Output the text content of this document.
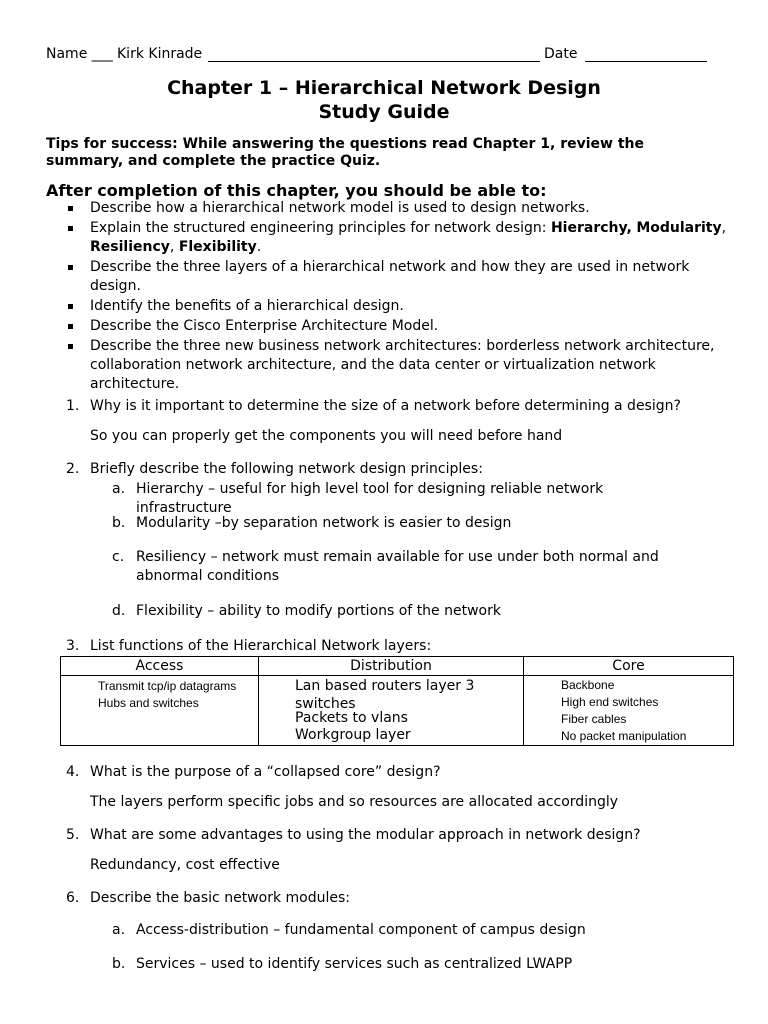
Name ___ Kirk Kinrade	Date
Chapter 1 – Hierarchical Network Design
Study Guide
Tips for success: While answering the questions read Chapter 1, review the summary, and complete the practice Quiz.
After completion of this chapter, you should be able to:
Describe how a hierarchical network model is used to design networks.
Explain the structured engineering principles for network design: Hierarchy, Modularity, Resiliency, Flexibility.
Describe the three layers of a hierarchical network and how they are used in network design.
Identify the benefits of a hierarchical design.
Describe the Cisco Enterprise Architecture Model.
Describe the three new business network architectures: borderless network architecture, collaboration network architecture, and the data center or virtualization network architecture.
1. Why is it important to determine the size of a network before determining a design?
So you can properly get the components you will need before hand
2. Briefly describe the following network design principles:
a. Hierarchy – useful for high level tool for designing reliable network infrastructure
b. Modularity –by separation network is easier to design
c. Resiliency – network must remain available for use under both normal and abnormal conditions
d. Flexibility – ability to modify portions of the network
3. List functions of the Hierarchical Network layers:
Access
Transmit tcp/ip datagrams
Hubs and switches
Distribution
Lan based routers layer 3 switches
Packets to vlans
Workgroup layer
Core
Backbone
High end switches
Fiber cables
No packet manipulation
4. What is the purpose of a “collapsed core” design?
The layers perform specific jobs and so resources are allocated accordingly
5. What are some advantages to using the modular approach in network design?
Redundancy, cost effective
6. Describe the basic network modules:
a. Access-distribution – fundamental component of campus design
b. Services – used to identify services such as centralized LWAPP
